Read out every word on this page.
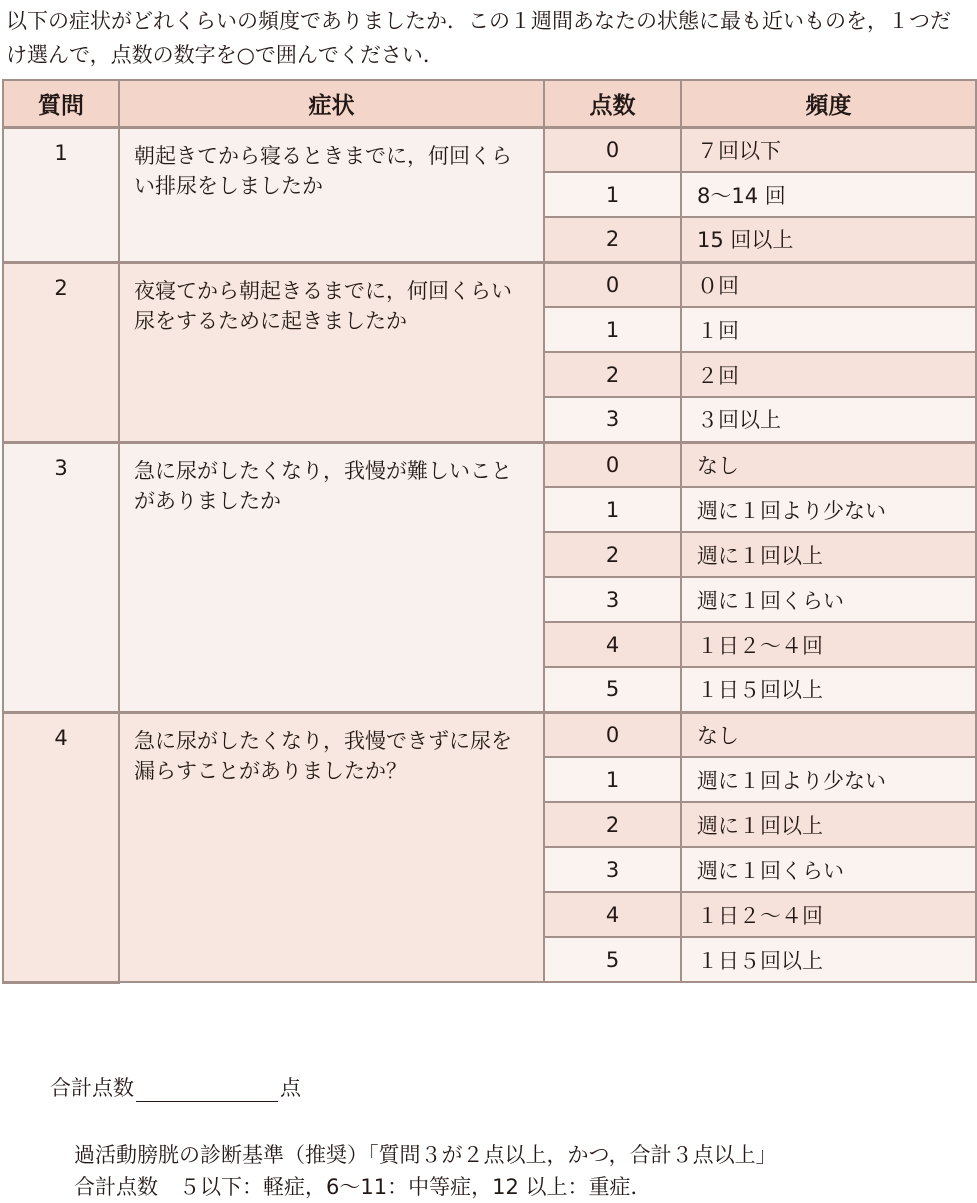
以下の症状がどれくらいの頻度でありましたか．この１週間あなたの状態に最も近いものを，１つだけ選んで，点数の数字を○で囲んでください．

質問	症状	点数	頻度
1	朝起きてから寝るときまでに，何回くらい排尿をしましたか	0	７回以下
		1	8〜14 回
		2	15 回以上
2	夜寝てから朝起きるまでに，何回くらい尿をするために起きましたか	0	０回
		1	１回
		2	２回
		3	３回以上
3	急に尿がしたくなり，我慢が難しいことがありましたか	0	なし
		1	週に１回より少ない
		2	週に１回以上
		3	週に１回くらい
		4	１日２〜４回
		5	１日５回以上
4	急に尿がしたくなり，我慢できずに尿を漏らすことがありましたか？	0	なし
		1	週に１回より少ない
		2	週に１回以上
		3	週に１回くらい
		4	１日２〜４回
		5	１日５回以上
合計点数	点
過活動膀胱の診断基準（推奨）「質問３が２点以上，かつ，合計３点以上」
合計点数　５以下：軽症，6〜11：中等症，12 以上：重症．
